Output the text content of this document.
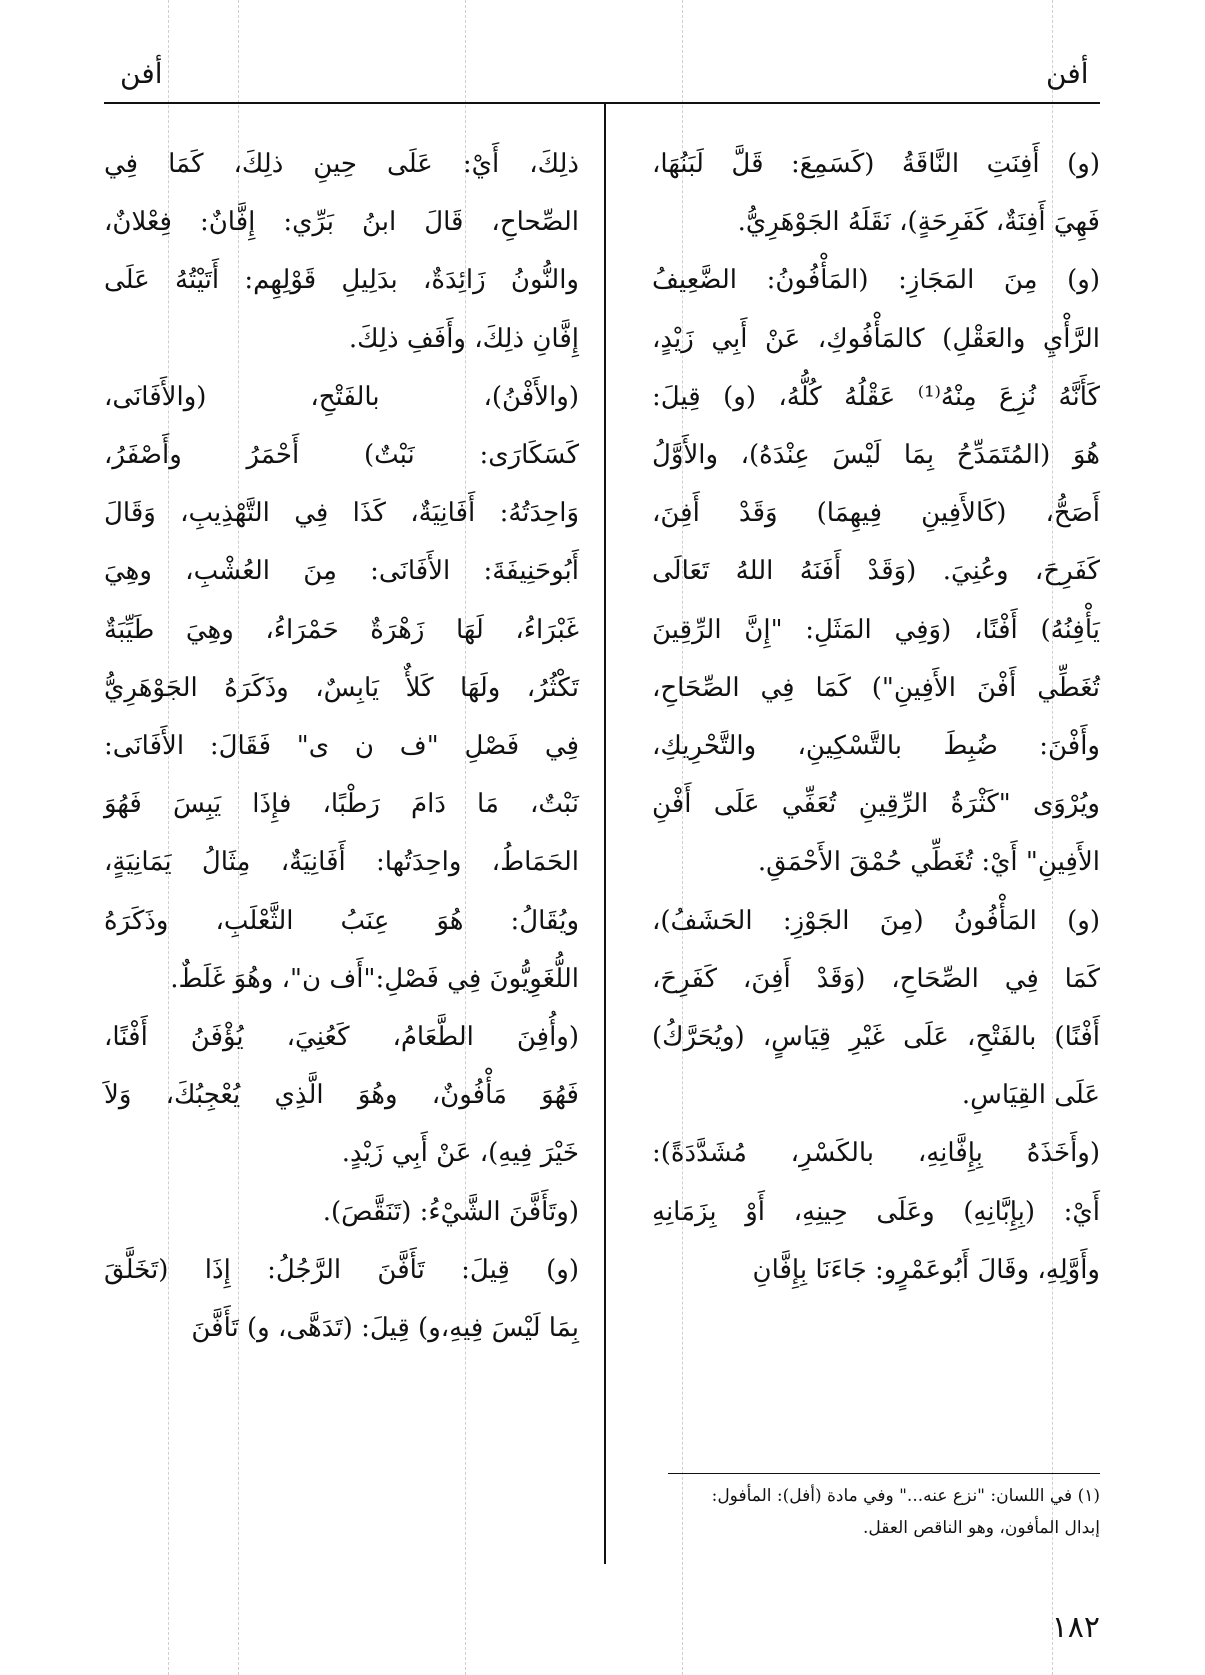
أفن	أفن

(و) أَفِنَتِ النَّاقَةُ (كَسَمِعَ: قَلَّ لَبَنُهَا،
فَهِيَ أَفِنَةٌ، كَفَرِحَةٍ)، نَقَلَهُ الجَوْهَرِيُّ.

(و) مِنَ المَجَازِ: (المَأْفُونُ: الضَّعِيفُ
الرَّأْيِ والعَقْلِ) كالمَأْفُوكِ، عَنْ أَبِي زَيْدٍ،
كَأَنَّهُ نُزِعَ مِنْهُ⁽¹⁾ عَقْلُهُ كُلُّهُ، (و) قِيلَ:
هُوَ (المُتَمَدِّحُ بِمَا لَيْسَ عِنْدَهُ)، والأَوَّلُ
أَصَحُّ، (كَالأَفِينِ فِيهِمَا) وَقَدْ أَفِنَ،
كَفَرِحَ، وعُنِيَ. (وَقَدْ أَفَنَهُ اللهُ تَعَالَى
يَأْفِنُهُ) أَفْنًا، (وَفِي المَثَلِ: "إِنَّ الرِّقِينَ
تُغَطِّي أَفْنَ الأَفِينِ") كَمَا فِي الصِّحَاحِ،
وأَفْنَ: ضُبِطَ بالتَّسْكِينِ، والتَّحْرِيكِ،
ويُرْوَى "كَثْرَةُ الرِّقِينِ تُعَفِّي عَلَى أَفْنِ
الأَفِينِ" أَيْ: تُغَطِّي حُمْقَ الأَحْمَقِ.

(و) المَأْفُونُ (مِنَ الجَوْزِ: الحَشَفُ)،
كَمَا فِي الصِّحَاحِ، (وَقَدْ أَفِنَ، كَفَرِحَ،
أَفْنًا) بالفَتْحِ، عَلَى غَيْرِ قِيَاسٍ، (ويُحَرَّكُ)
عَلَى القِيَاسِ.

(وأَخَذَهُ بِإِفَّانِهِ، بالكَسْرِ، مُشَدَّدَةً):
أَيْ: (بِإِبَّانِهِ) وعَلَى حِينِهِ، أَوْ بِزَمَانِهِ
وأَوَّلِهِ، وقَالَ أَبُوعَمْرٍو: جَاءَنَا بِإِفَّانِ

ذلِكَ، أَيْ: عَلَى حِينِ ذلِكَ، كَمَا فِي
الصِّحاحِ، قَالَ ابنُ بَرِّي: إِفَّانٌ: فِعْلانٌ،
والنُّونُ زَائِدَةٌ، بدَلِيلِ قَوْلِهِم: أَتَيْتُهُ عَلَى
إِفَّانِ ذلِكَ، وأَفَفِ ذلِكَ.

(والأَفْنُ)، بالفَتْحِ، (والأَفَانَى،
كَسَكَارَى: نَبْتٌ) أَحْمَرُ وأَصْفَرُ،
وَاحِدَتُهُ: أَفَانِيَةٌ، كَذَا فِي التَّهْذِيبِ، وَقَالَ
أَبُوحَنِيفَةَ: الأَفَانَى: مِنَ العُشْبِ، وهِيَ
غَبْرَاءُ، لَهَا زَهْرَةٌ حَمْرَاءُ، وهِيَ طَيِّبَةٌ
تَكْثُرُ، ولَهَا كَلأٌ يَابِسٌ، وذَكَرَهُ الجَوْهَرِيُّ
فِي فَصْلِ "ف ن ى" فَقَالَ: الأَفَانَى:
نَبْتٌ، مَا دَامَ رَطْبًا، فإِذَا يَبِسَ فَهُوَ
الحَمَاطُ، واحِدَتُها: أَفَانِيَةٌ، مِثَالُ يَمَانِيَةٍ،
ويُقَالُ: هُوَ عِنَبُ الثَّعْلَبِ، وذَكَرَهُ
اللُّغَوِيُّونَ فِي فَصْلِ:"أَف ن"، وهُوَ غَلَطٌ.

(وأُفِنَ الطَّعَامُ، كَعُنِيَ، يُؤْفَنُ أَفْنًا،
فَهُوَ مَأْفُونٌ، وهُوَ الَّذِي يُعْجِبُكَ، وَلاَ
خَيْرَ فِيهِ)، عَنْ أَبِي زَيْدٍ.

(وتَأَفَّنَ الشَّيْءُ: (تَنَقَّصَ).

(و) قِيلَ: تَأَفَّنَ الرَّجُلُ: إِذَا (تَخَلَّقَ
بِمَا لَيْسَ فِيهِ،و) قِيلَ: (تَدَهَّى، و) تَأَفَّنَ

(١) في اللسان: "نزع عنه..." وفي مادة (أفل): المأفول:
إبدال المأفون، وهو الناقص العقل.
١٨٢
